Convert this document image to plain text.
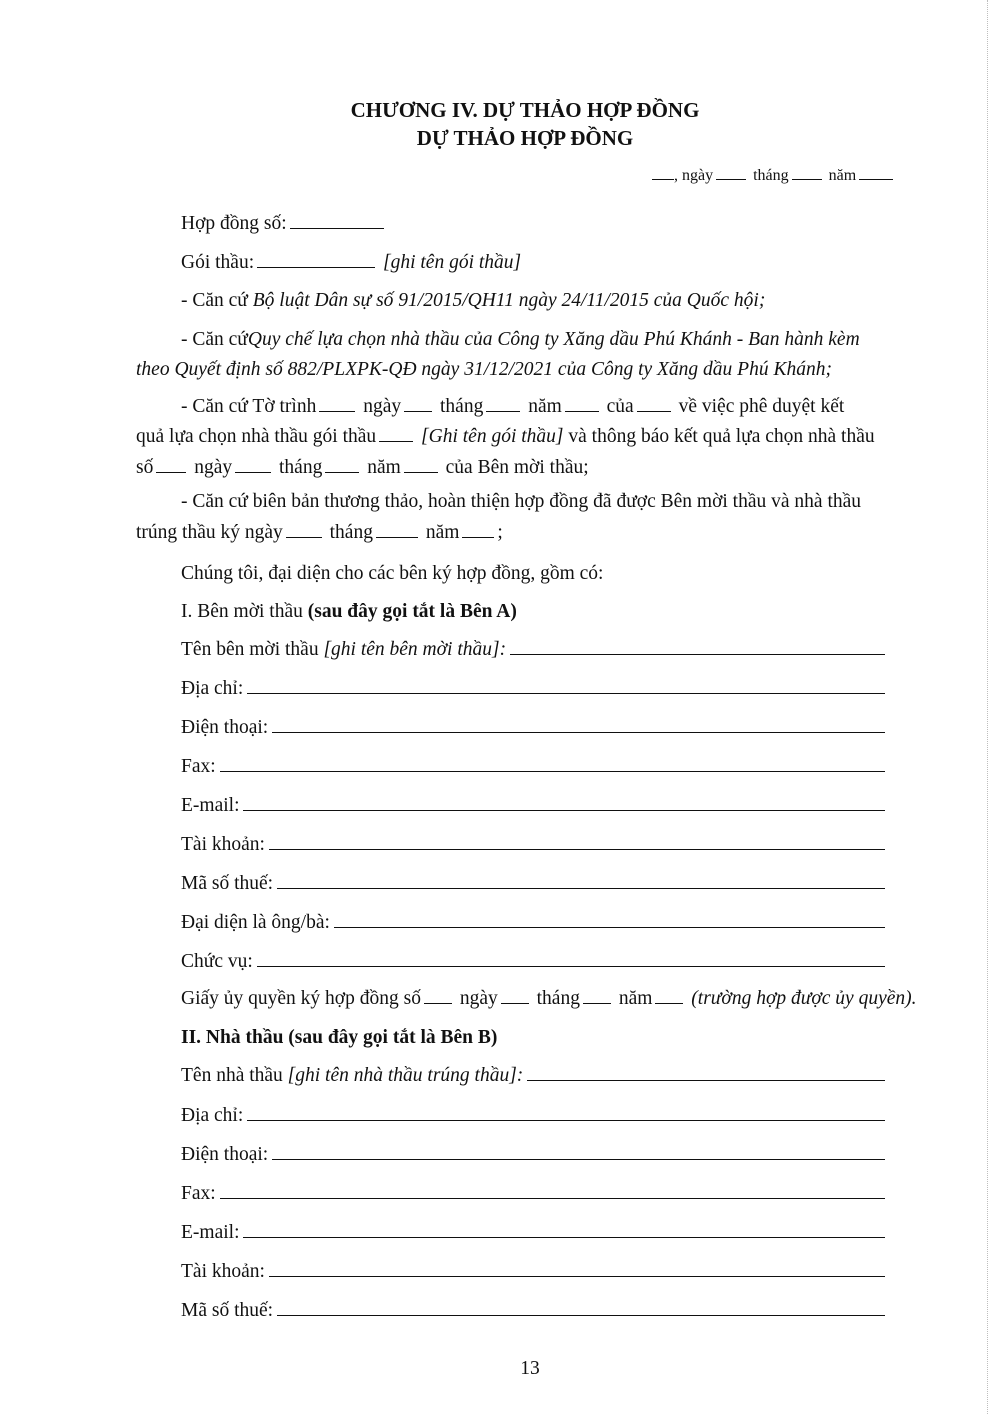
CHƯƠNG IV. DỰ THẢO HỢP ĐỒNG
DỰ THẢO HỢP ĐỒNG
, ngày	tháng	năm
Hợp đồng số:
Gói thầu:	[ghi tên gói thầu]
- Căn cứ Bộ luật Dân sự số 91/2015/QH11 ngày 24/11/2015 của Quốc hội;
- Căn cứQuy chế lựa chọn nhà thầu của Công ty Xăng dầu Phú Khánh - Ban hành kèm
theo Quyết định số 882/PLXPK-QĐ ngày 31/12/2021 của Công ty Xăng dầu Phú Khánh;
- Căn cứ Tờ trình ngày tháng năm của về việc phê duyệt kết
quả lựa chọn nhà thầu gói thầu [Ghi tên gói thầu] và thông báo kết quả lựa chọn nhà thầu
số ngày tháng năm của Bên mời thầu;
- Căn cứ biên bản thương thảo, hoàn thiện hợp đồng đã được Bên mời thầu và nhà thầu
trúng thầu ký ngày tháng	năm ;
Chúng tôi, đại diện cho các bên ký hợp đồng, gồm có:
I. Bên mời thầu (sau đây gọi tắt là Bên A)
Tên bên mời thầu
[ghi tên bên mời thầu]:
Địa chỉ:
Điện thoại:
Fax:
E-mail:
Tài khoản:
Mã số thuế:
Đại diện là ông/bà:
Chức vụ:
Giấy ủy quyền ký hợp đồng số ngày tháng năm (trường hợp được ủy quyền).
II. Nhà thầu (sau đây gọi tắt là Bên B)
Tên nhà thầu
[ghi tên nhà thầu trúng thầu]:
Địa chỉ:
Điện thoại:
Fax:
E-mail:
Tài khoản:
Mã số thuế:
13
